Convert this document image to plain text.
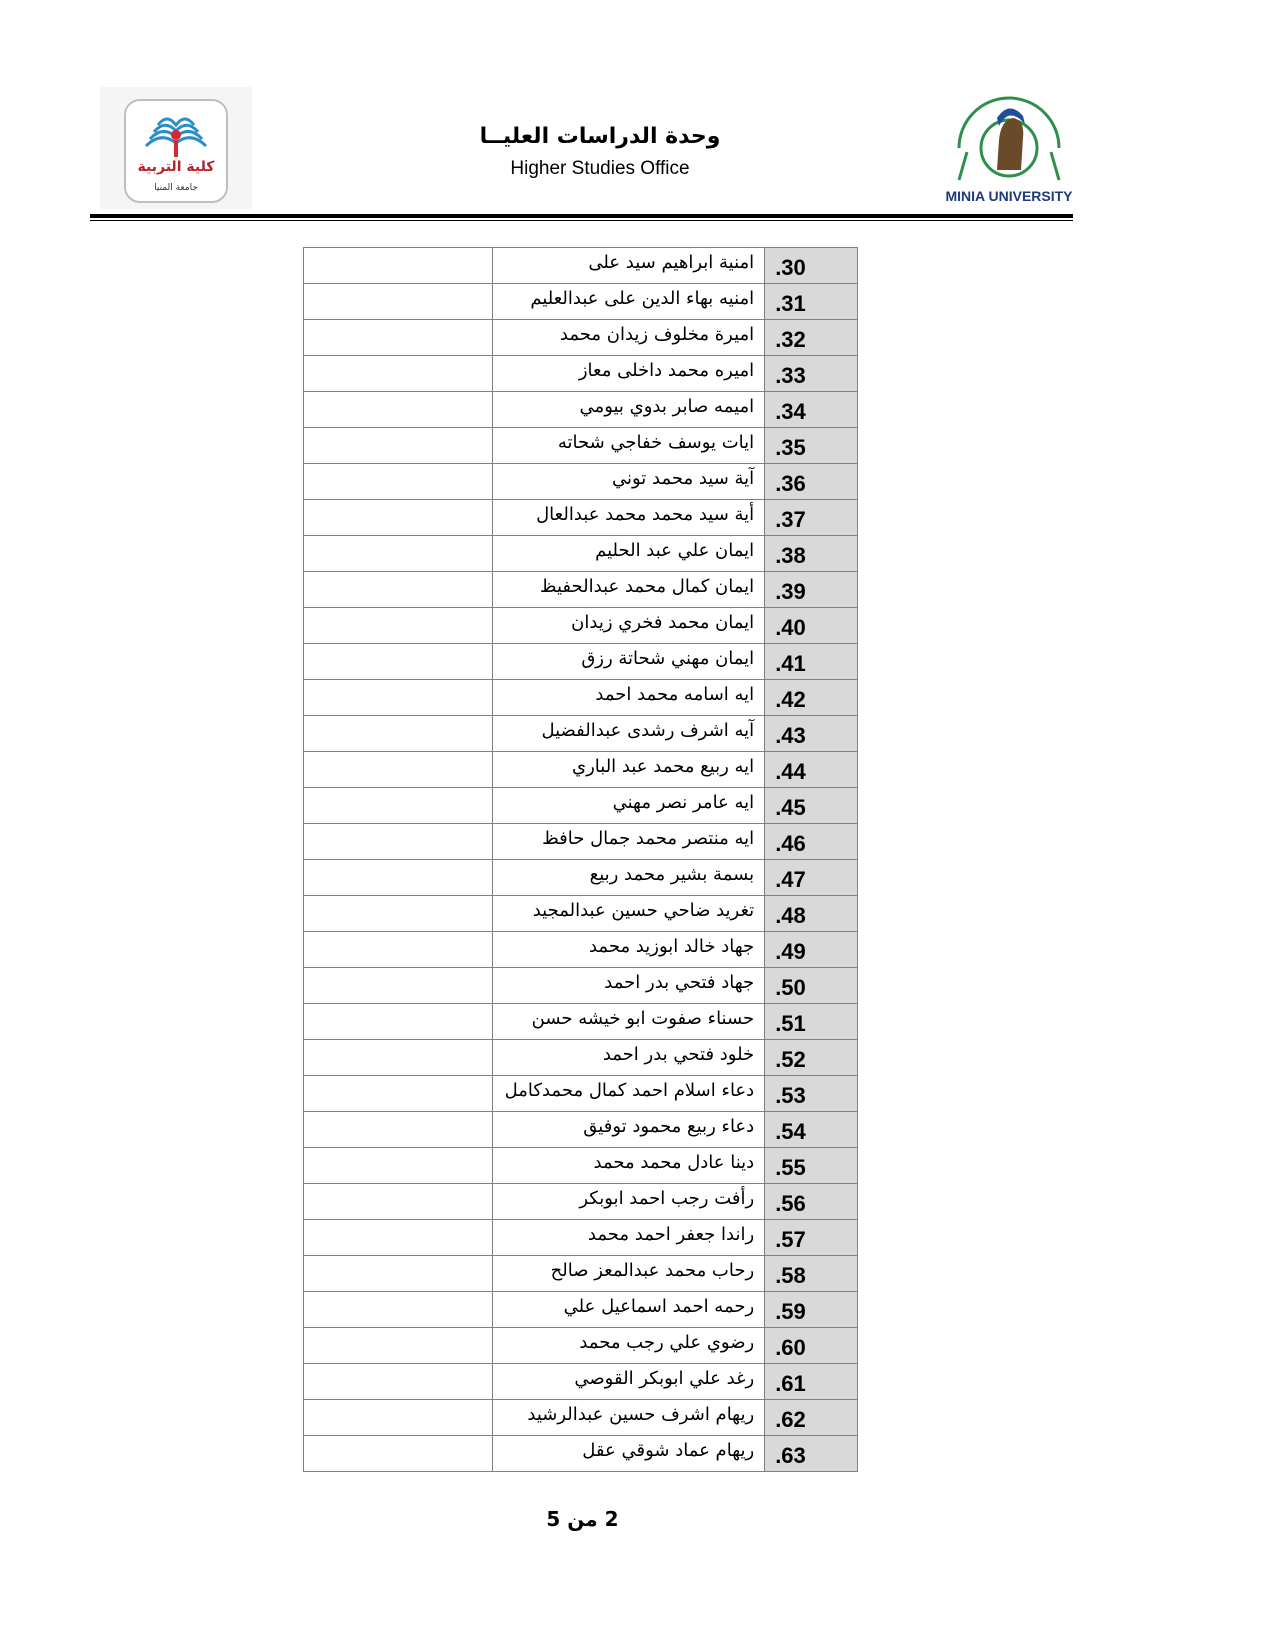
كلية التربية
جامعة المنيا
وحدة الدراسات العليــا
Higher Studies Office
MINIA UNIVERSITY
	امنية ابراهيم سيد على	.30
	امنيه بهاء الدين على عبدالعليم	.31
	اميرة مخلوف زيدان محمد	.32
	اميره محمد داخلى معاز	.33
	اميمه صابر بدوي بيومي	.34
	ايات يوسف خفاجي شحاته	.35
	آية سيد محمد توني	.36
	أية سيد محمد محمد عبدالعال	.37
	ايمان علي عبد الحليم	.38
	ايمان كمال محمد عبدالحفيظ	.39
	ايمان محمد فخري زيدان	.40
	ايمان مهني شحاتة رزق	.41
	ايه اسامه محمد احمد	.42
	آيه اشرف رشدى عبدالفضيل	.43
	ايه ربيع محمد عبد الباري	.44
	ايه عامر نصر مهني	.45
	ايه منتصر محمد جمال حافظ	.46
	بسمة بشير محمد ربيع	.47
	تغريد ضاحي حسين عبدالمجيد	.48
	جهاد خالد ابوزيد محمد	.49
	جهاد فتحي بدر احمد	.50
	حسناء صفوت ابو خيشه حسن	.51
	خلود فتحي بدر احمد	.52
	دعاء اسلام احمد كمال محمدكامل	.53
	دعاء ربيع محمود توفيق	.54
	دينا عادل محمد محمد	.55
	رأفت رجب احمد ابوبكر	.56
	راندا جعفر احمد محمد	.57
	رحاب محمد عبدالمعز صالح	.58
	رحمه احمد اسماعيل علي	.59
	رضوي علي رجب محمد	.60
	رغد علي ابوبكر القوصي	.61
	ريهام اشرف حسين عبدالرشيد	.62
	ريهام عماد شوقي عقل	.63
2 من 5
